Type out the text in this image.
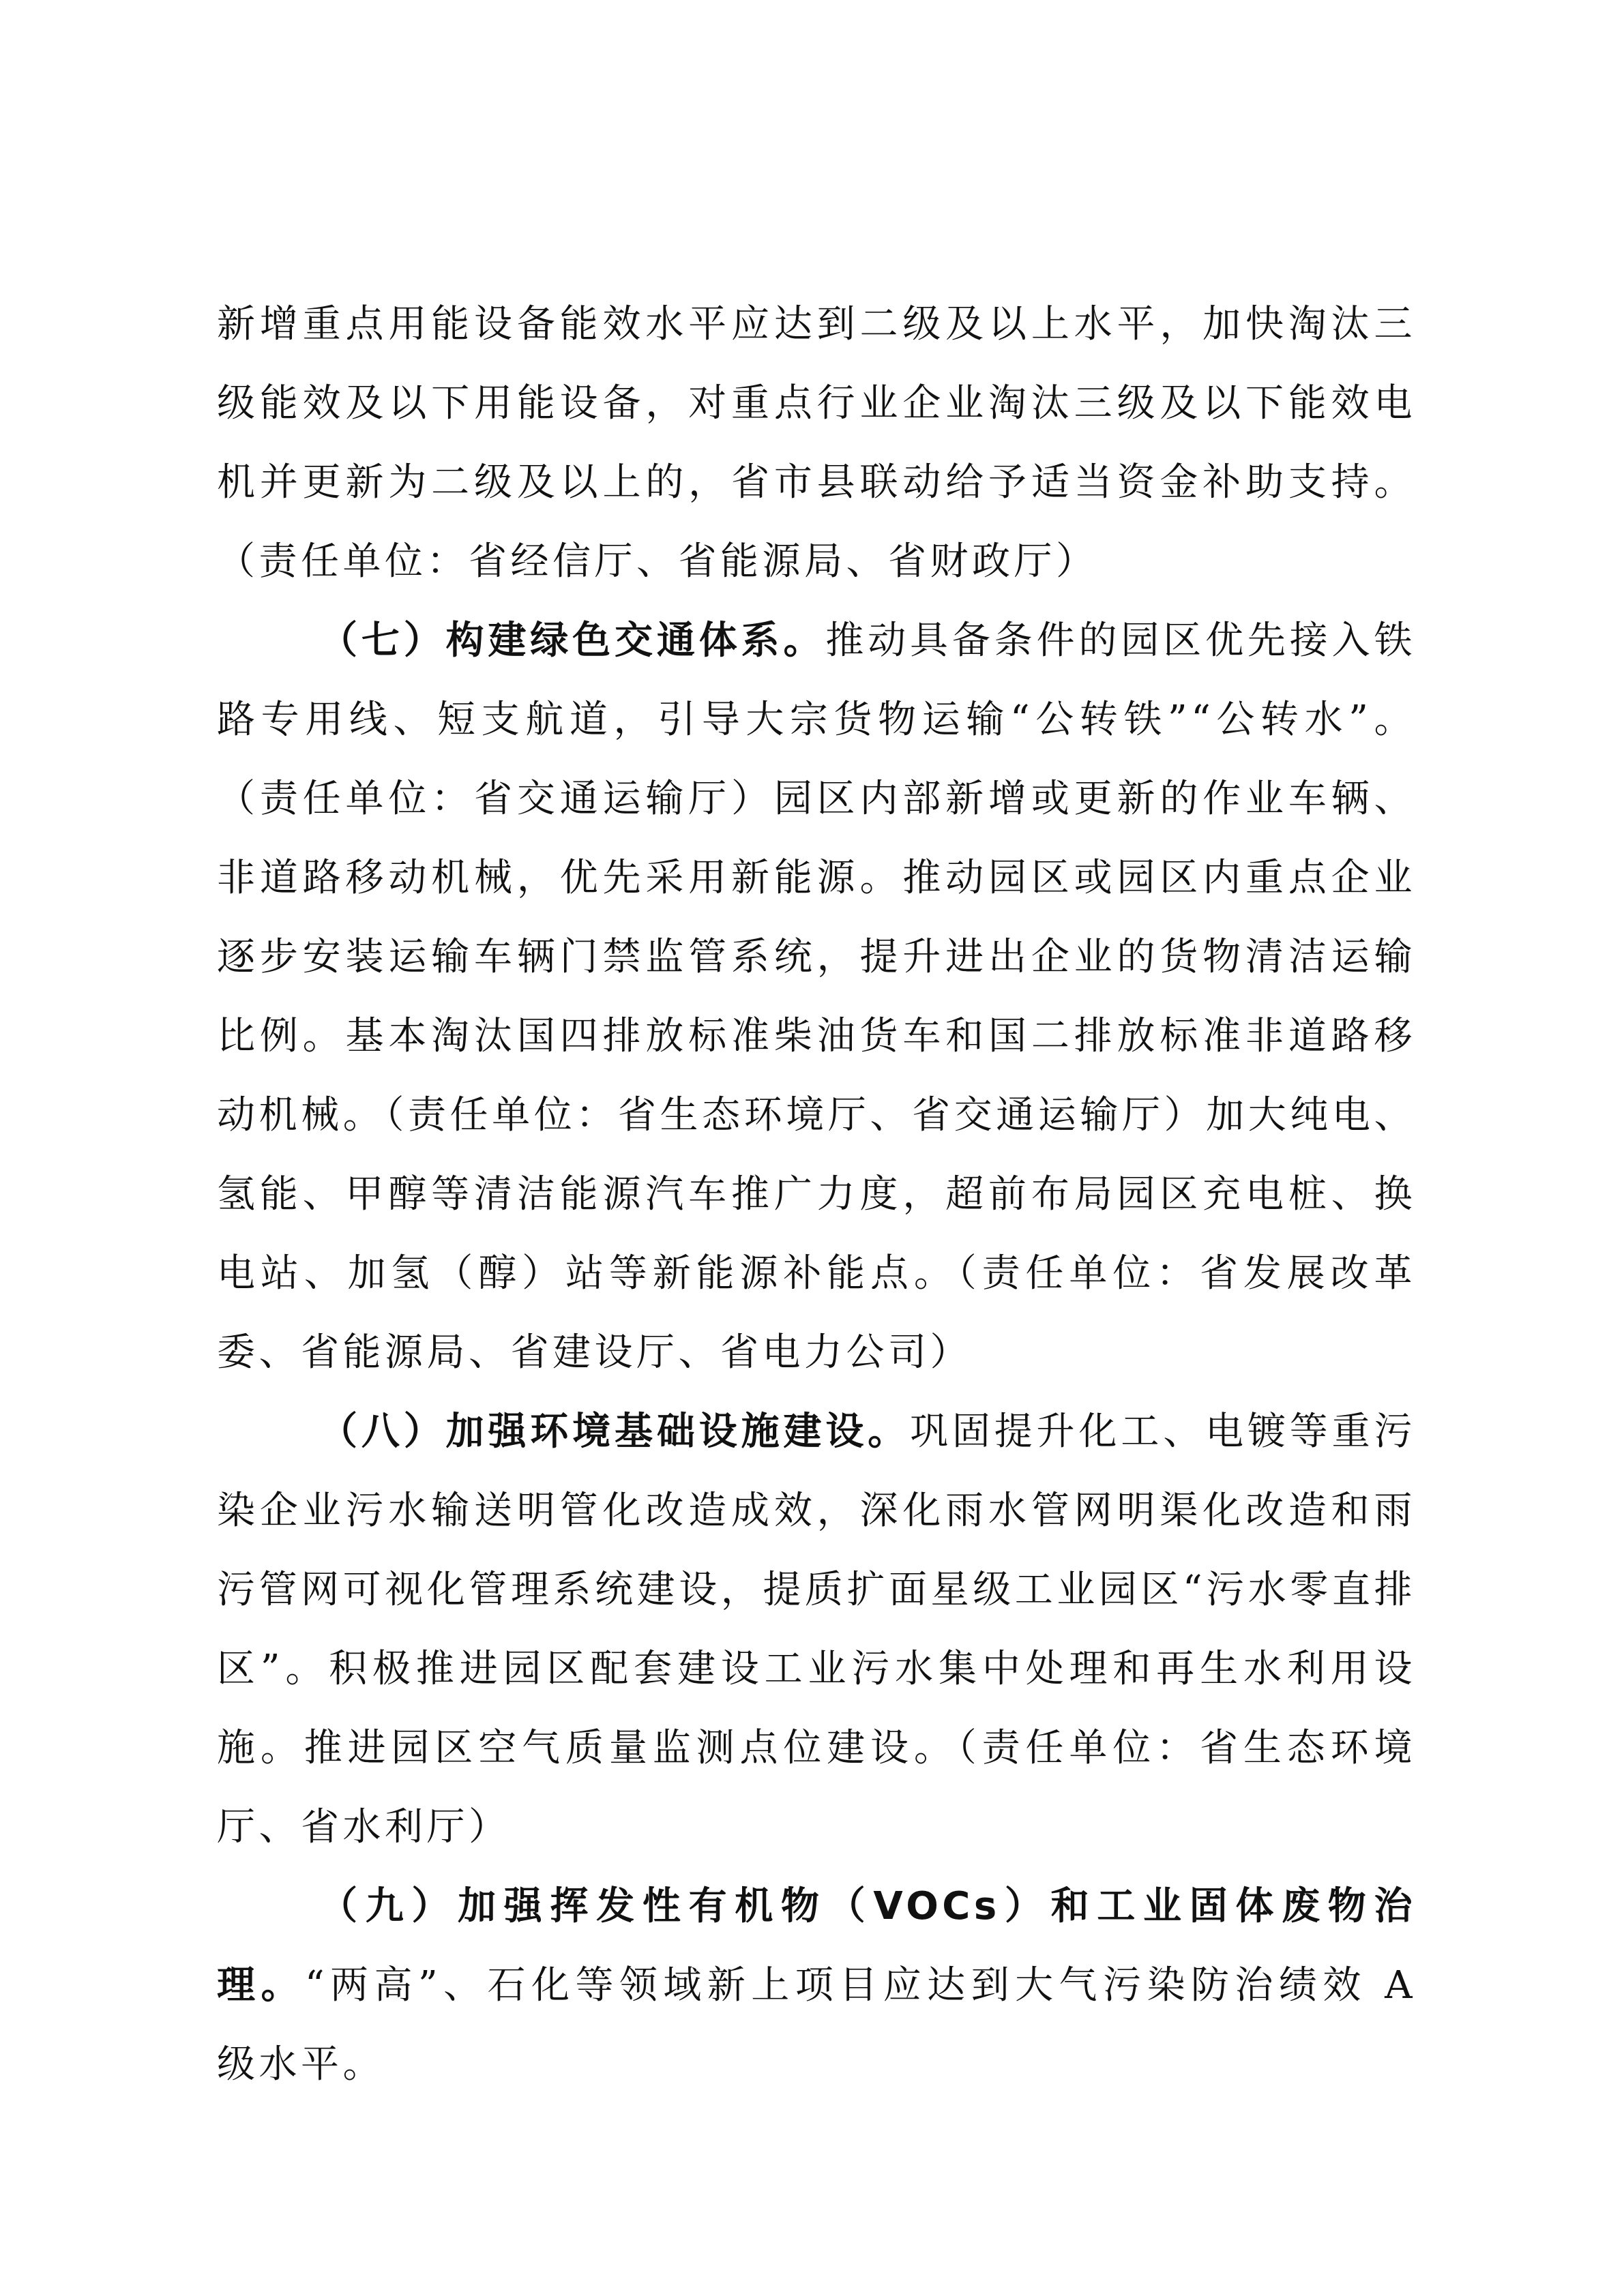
新增重点用能设备能效水平应达到二级及以上水平，加快淘汰三级能效及以下用能设备，对重点行业企业淘汰三级及以下能效电机并更新为二级及以上的，省市县联动给予适当资金补助支持。（责任单位：省经信厅、省能源局、省财政厅）

（七）构建绿色交通体系。推动具备条件的园区优先接入铁路专用线、短支航道，引导大宗货物运输“公转铁”“公转水”。（责任单位：省交通运输厅）园区内部新增或更新的作业车辆、非道路移动机械，优先采用新能源。推动园区或园区内重点企业逐步安装运输车辆门禁监管系统，提升进出企业的货物清洁运输比例。基本淘汰国四排放标准柴油货车和国二排放标准非道路移动机械。（责任单位：省生态环境厅、省交通运输厅）加大纯电、氢能、甲醇等清洁能源汽车推广力度，超前布局园区充电桩、换电站、加氢（醇）站等新能源补能点。（责任单位：省发展改革委、省能源局、省建设厅、省电力公司）

（八）加强环境基础设施建设。巩固提升化工、电镀等重污染企业污水输送明管化改造成效，深化雨水管网明渠化改造和雨污管网可视化管理系统建设，提质扩面星级工业园区“污水零直排区”。积极推进园区配套建设工业污水集中处理和再生水利用设施。推进园区空气质量监测点位建设。（责任单位：省生态环境厅、省水利厅）

（九）加强挥发性有机物（VOCs）和工业固体废物治理。“两高”、石化等领域新上项目应达到大气污染防治绩效 A 级水平。
